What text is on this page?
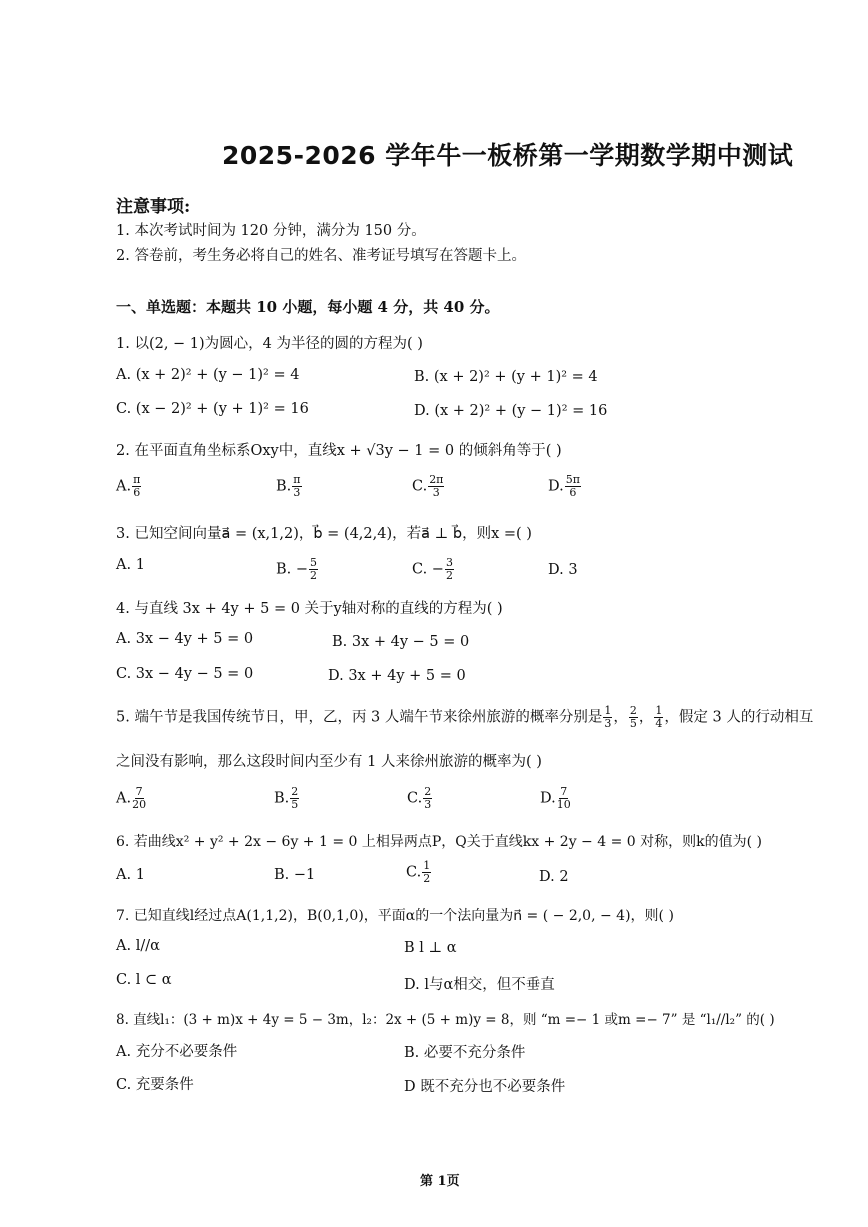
2025-2026 学年牛一板桥第一学期数学期中测试
注意事项:
1. 本次考试时间为 120 分钟，满分为 150 分。
2. 答卷前，考生务必将自己的姓名、准考证号填写在答题卡上。
一、单选题：本题共 10 小题，每小题 4 分，共 40 分。
1. 以(2, − 1)为圆心，4 为半径的圆的方程为( )
A. (x + 2)² + (y − 1)² = 4	B. (x + 2)² + (y + 1)² = 4
C. (x − 2)² + (y + 1)² = 16	D. (x + 2)² + (y − 1)² = 16
2. 在平面直角坐标系Oxy中，直线x + √3y − 1 = 0 的倾斜角等于( )
A. $\frac{\pi}{6}$	B. $\frac{\pi}{3}$	C. $\frac{2\pi}{3}$	D. $\frac{5\pi}{6}$
3. 已知空间向量a⃗ = (x,1,2)，b⃗ = (4,2,4)，若a⃗ ⊥ b⃗，则x =( )
A. 1	B. − $\frac{5}{2}$	C. − $\frac{3}{2}$	D. 3
4. 与直线 3x + 4y + 5 = 0 关于y轴对称的直线的方程为( )
A. 3x − 4y + 5 = 0	B. 3x + 4y − 5 = 0
C. 3x − 4y − 5 = 0	D. 3x + 4y + 5 = 0
5. 端午节是我国传统节日，甲，乙，丙 3 人端午节来徐州旅游的概率分别是 $\frac{1}{3}$ ， $\frac{2}{5}$ ， $\frac{1}{4}$ ，假定 3 人的行动相互
之间没有影响，那么这段时间内至少有 1 人来徐州旅游的概率为( )
A. $\frac{7}{20}$	B. $\frac{2}{5}$	C. $\frac{2}{3}$	D. $\frac{7}{10}$
6. 若曲线x² + y² + 2x − 6y + 1 = 0 上相异两点P，Q关于直线kx + 2y − 4 = 0 对称，则k的值为( )
A. 1	B. −1	C. $\frac{1}{2}$	D. 2
7. 已知直线l经过点A(1,1,2)，B(0,1,0)，平面α的一个法向量为n⃗ = ( − 2,0, − 4)，则( )
A. l//α	B l ⊥ α
C. l ⊂ α	D. l与α相交，但不垂直
8. 直线l₁：(3 + m)x + 4y = 5 − 3m，l₂：2x + (5 + m)y = 8，则 “m =− 1 或m =− 7” 是 “l₁//l₂” 的( )
A. 充分不必要条件	B. 必要不充分条件
C. 充要条件	D 既不充分也不必要条件
第 1页
